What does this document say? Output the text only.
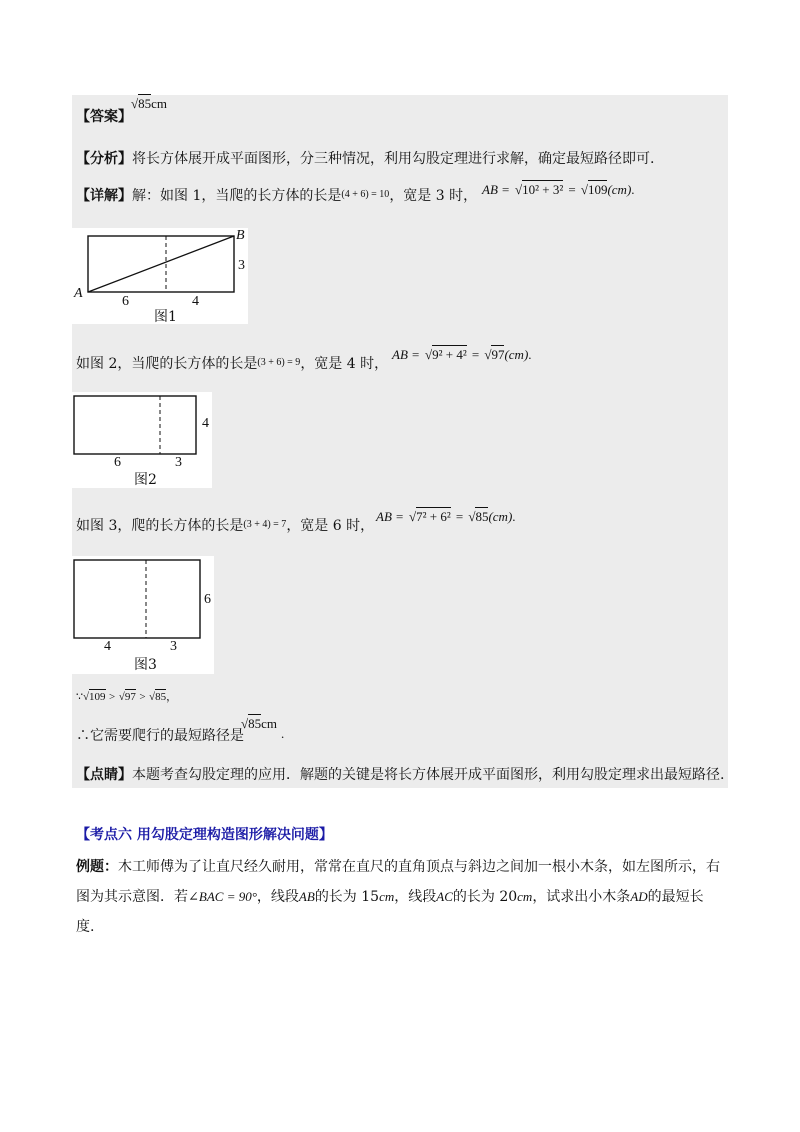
【答案】
√85cm
【分析】将长方体展开成平面图形，分三种情况，利用勾股定理进行求解，确定最短路径即可.
【详解】解：如图 1，当爬的长方体的长是$^{(4 + 6) = 10}$，宽是 3 时， AB = √10² + 3² = √109(cm).
A
B
3
6	4
图1
如图 2，当爬的长方体的长是$^{(3 + 6) = 9}$，宽是 4 时，
AB = √9² + 4² = √97(cm).
4
6	3
图2
如图 3，爬的长方体的长是$^{(3 + 4) = 7}$，宽是 6 时，
AB = √7² + 6² = √85(cm).
6
4	3
图3
∵√109 > √97 > √85，
∴它需要爬行的最短路径是
√85cm.
【点睛】本题考查勾股定理的应用．解题的关键是将长方体展开成平面图形，利用勾股定理求出最短路径.
【考点六 用勾股定理构造图形解决问题】
例题：木工师傅为了让直尺经久耐用，常常在直尺的直角顶点与斜边之间加一根小木条，如左图所示，右
图为其示意图．若∠BAC = 90°，线段AB的长为 15cm，线段AC的长为 20cm，试求出小木条AD的最短长
度.
